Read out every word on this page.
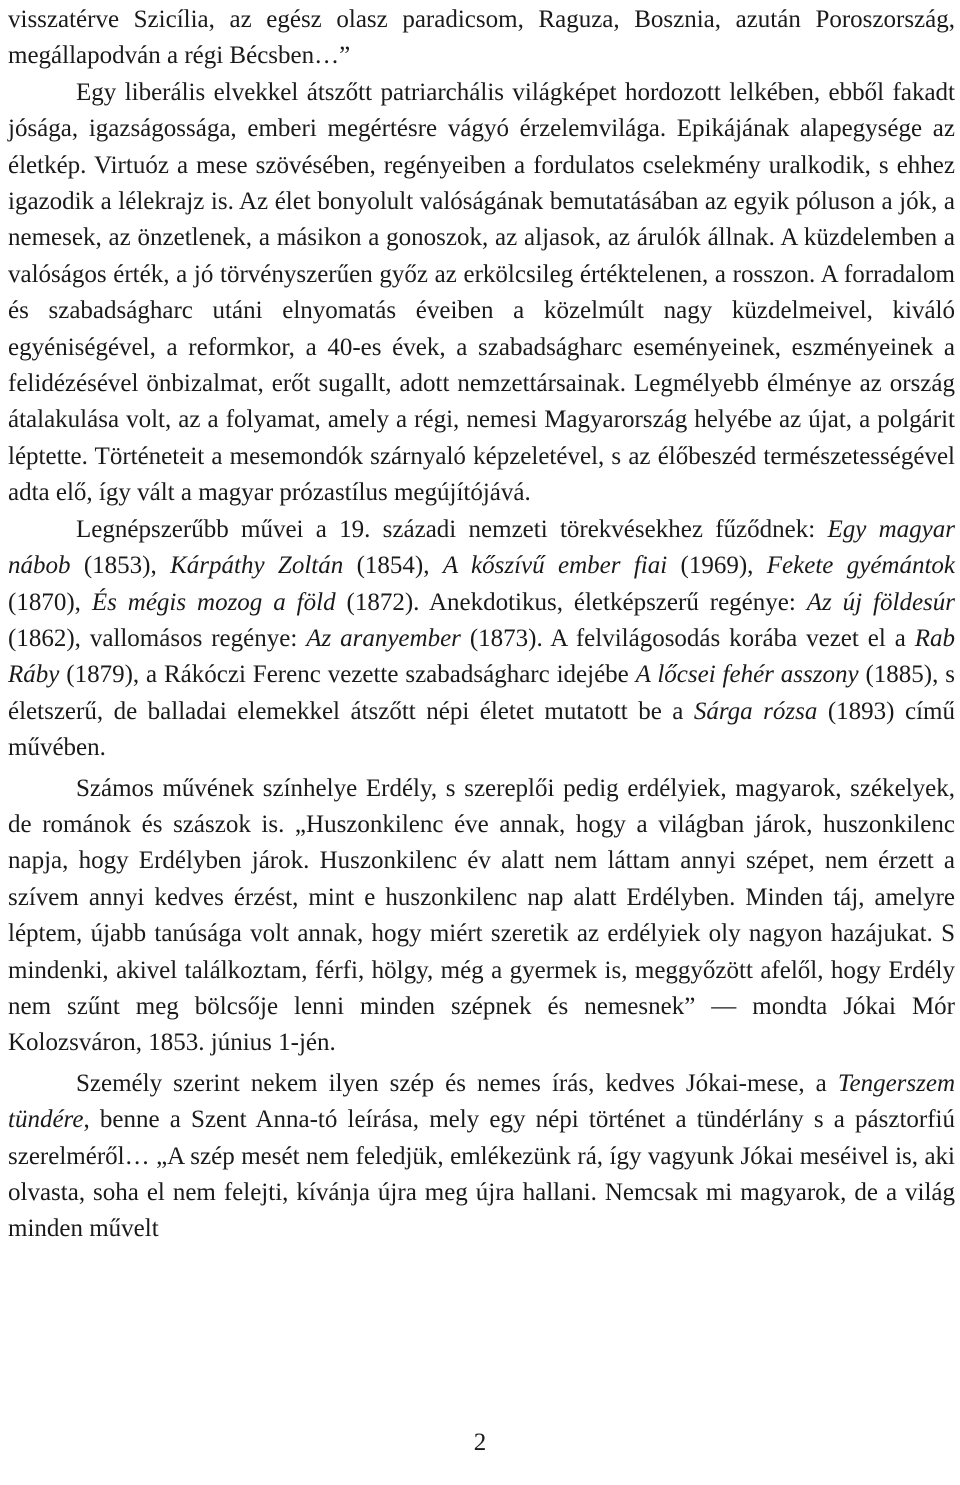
visszatérve Szicília, az egész olasz paradicsom, Raguza, Bosznia, azután Poroszország, megállapodván a régi Bécsben…”

Egy liberális elvekkel átszőtt patriarchális világképet hordozott lelkében, ebből fakadt jósága, igazságossága, emberi megértésre vágyó érzelemvilága. Epikájának alapegysége az életkép. Virtuóz a mese szövésében, regényeiben a fordulatos cselekmény uralkodik, s ehhez igazodik a lélekrajz is. Az élet bonyolult valóságának bemutatásában az egyik póluson a jók, a nemesek, az önzetlenek, a másikon a gonoszok, az aljasok, az árulók állnak. A küzdelemben a valóságos érték, a jó törvényszerűen győz az erkölcsileg értéktelenen, a rosszon. A forradalom és szabadságharc utáni elnyomatás éveiben a közelmúlt nagy küzdelmeivel, kiváló egyéniségével, a reformkor, a 40-es évek, a szabadságharc eseményeinek, eszményeinek a felidézésével önbizalmat, erőt sugallt, adott nemzettársainak. Legmélyebb élménye az ország átalakulása volt, az a folyamat, amely a régi, nemesi Magyarország helyébe az újat, a polgárit léptette. Történeteit a mesemondók szárnyaló képzeletével, s az élőbeszéd természetességével adta elő, így vált a magyar prózastílus megújítójává.

Legnépszerűbb művei a 19. századi nemzeti törekvésekhez fűződnek: Egy magyar nábob (1853), Kárpáthy Zoltán (1854), A kőszívű ember fiai (1969), Fekete gyémántok (1870), És mégis mozog a föld (1872). Anekdotikus, életképszerű regénye: Az új földesúr (1862), vallomásos regénye: Az aranyember (1873). A felvilágosodás korába vezet el a Rab Ráby (1879), a Rákóczi Ferenc vezette szabadságharc idejébe A lőcsei fehér asszony (1885), s életszerű, de balladai elemekkel átszőtt népi életet mutatott be a Sárga rózsa (1893) című művében.

Számos művének színhelye Erdély, s szereplői pedig erdélyiek, magyarok, székelyek, de románok és szászok is. „Huszonkilenc éve annak, hogy a világban járok, huszonkilenc napja, hogy Erdélyben járok. Huszonkilenc év alatt nem láttam annyi szépet, nem érzett a szívem annyi kedves érzést, mint e huszonkilenc nap alatt Erdélyben. Minden táj, amelyre léptem, újabb tanúsága volt annak, hogy miért szeretik az erdélyiek oly nagyon hazájukat. S mindenki, akivel találkoztam, férfi, hölgy, még a gyermek is, meggyőzött afelől, hogy Erdély nem szűnt meg bölcsője lenni minden szépnek és nemesnek” — mondta Jókai Mór Kolozsváron, 1853. június 1-jén.

Személy szerint nekem ilyen szép és nemes írás, kedves Jókai-mese, a Tengerszem tündére, benne a Szent Anna-tó leírása, mely egy népi történet a tündérlány s a pásztorfiú szerelméről… „A szép mesét nem feledjük, emlékezünk rá, így vagyunk Jókai meséivel is, aki olvasta, soha el nem felejti, kívánja újra meg újra hallani. Nemcsak mi magyarok, de a világ minden művelt

2
